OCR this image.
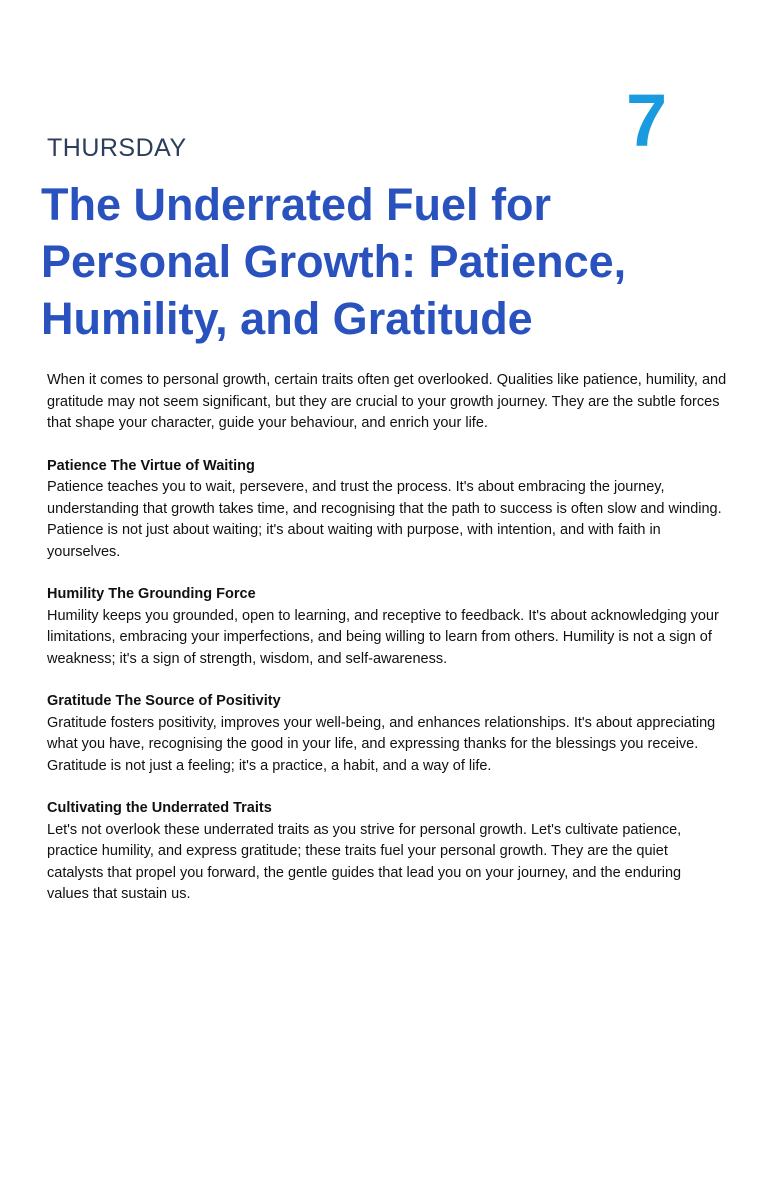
THURSDAY	7

The Underrated Fuel for Personal Growth: Patience, Humility, and Gratitude

When it comes to personal growth, certain traits often get overlooked. Qualities like patience, humility, and gratitude may not seem significant, but they are crucial to your growth journey. They are the subtle forces that shape your character, guide your behaviour, and enrich your life.

Patience The Virtue of Waiting

Patience teaches you to wait, persevere, and trust the process. It's about embracing the journey, understanding that growth takes time, and recognising that the path to success is often slow and winding. Patience is not just about waiting; it's about waiting with purpose, with intention, and with faith in yourselves.

Humility The Grounding Force

Humility keeps you grounded, open to learning, and receptive to feedback. It's about acknowledging your limitations, embracing your imperfections, and being willing to learn from others. Humility is not a sign of weakness; it's a sign of strength, wisdom, and self-awareness.

Gratitude The Source of Positivity

Gratitude fosters positivity, improves your well-being, and enhances relationships. It's about appreciating what you have, recognising the good in your life, and expressing thanks for the blessings you receive. Gratitude is not just a feeling; it's a practice, a habit, and a way of life.

Cultivating the Underrated Traits

Let's not overlook these underrated traits as you strive for personal growth. Let's cultivate patience, practice humility, and express gratitude; these traits fuel your personal growth. They are the quiet catalysts that propel you forward, the gentle guides that lead you on your journey, and the enduring values that sustain us.
